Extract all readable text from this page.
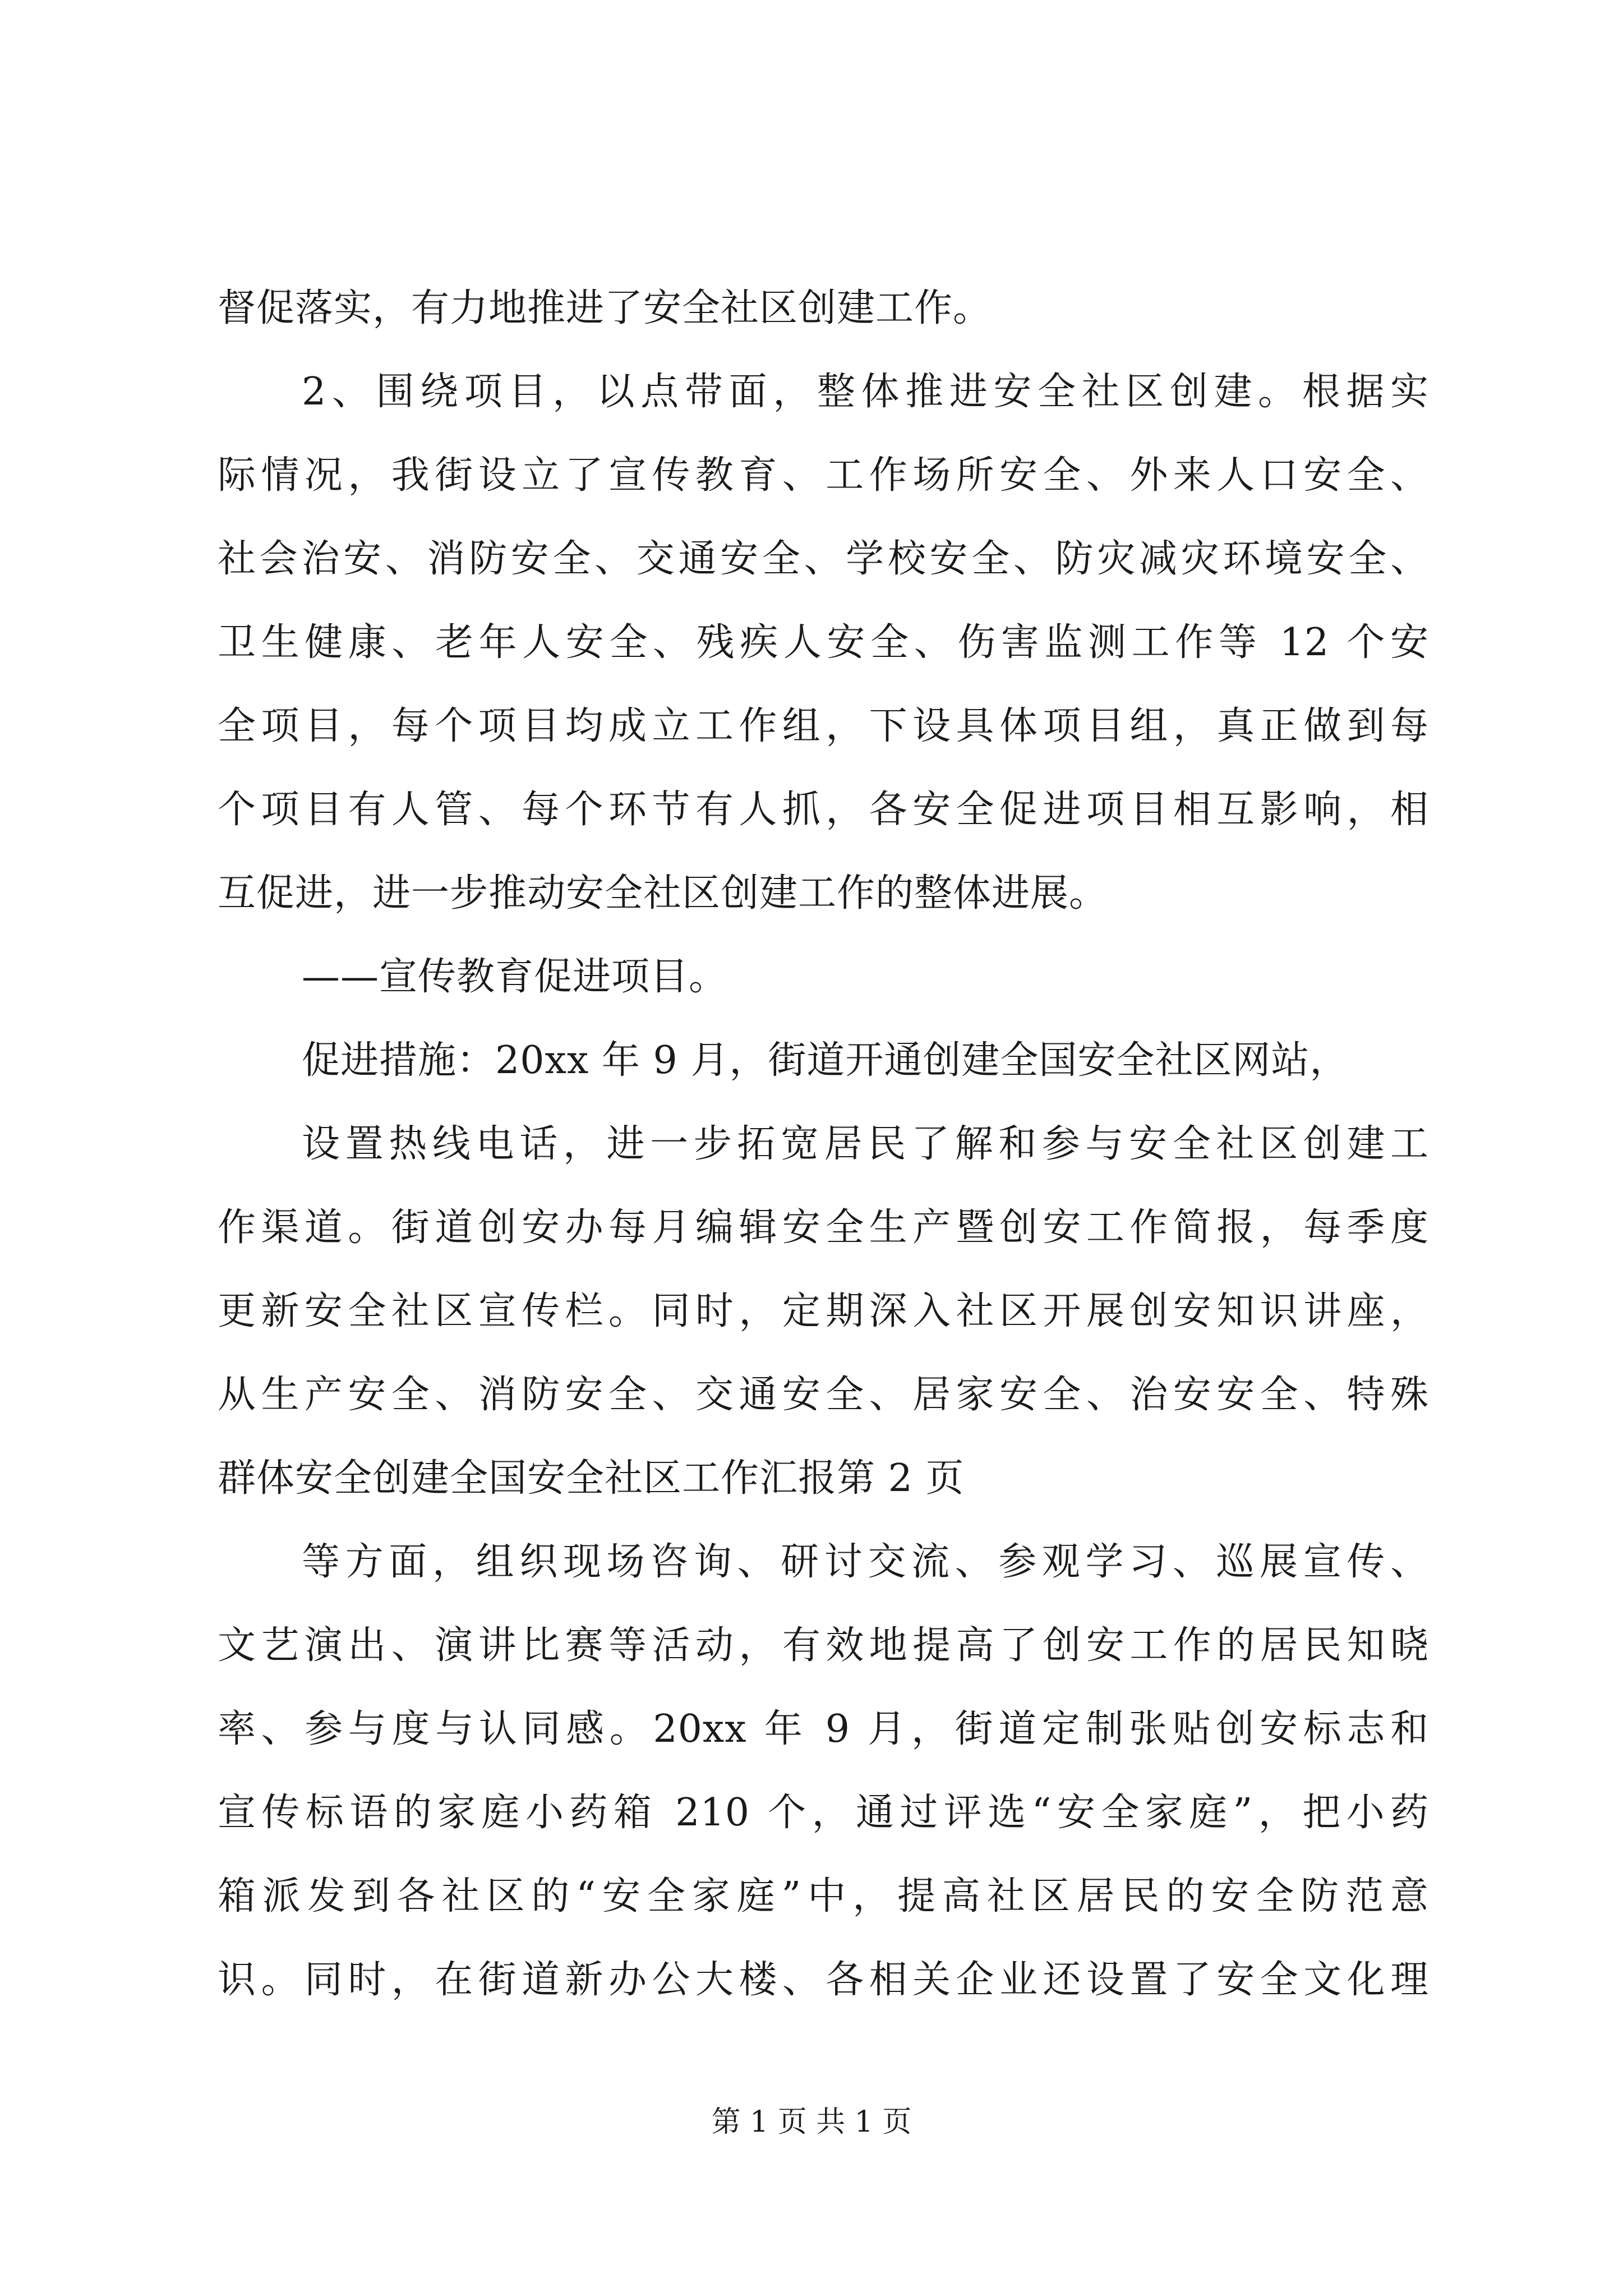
督促落实，有力地推进了安全社区创建工作。
2、围绕项目，以点带面，整体推进安全社区创建。根据实
际情况，我街设立了宣传教育、工作场所安全、外来人口安全、
社会治安、消防安全、交通安全、学校安全、防灾减灾环境安全、
卫生健康、老年人安全、残疾人安全、伤害监测工作等 12 个安
全项目，每个项目均成立工作组，下设具体项目组，真正做到每
个项目有人管、每个环节有人抓，各安全促进项目相互影响，相
互促进，进一步推动安全社区创建工作的整体进展。
——宣传教育促进项目。
促进措施：20xx 年 9 月，街道开通创建全国安全社区网站，
设置热线电话，进一步拓宽居民了解和参与安全社区创建工
作渠道。街道创安办每月编辑安全生产暨创安工作简报，每季度
更新安全社区宣传栏。同时，定期深入社区开展创安知识讲座，
从生产安全、消防安全、交通安全、居家安全、治安安全、特殊
群体安全创建全国安全社区工作汇报第 2 页
等方面，组织现场咨询、研讨交流、参观学习、巡展宣传、
文艺演出、演讲比赛等活动，有效地提高了创安工作的居民知晓
率、参与度与认同感。20xx 年 9 月，街道定制张贴创安标志和
宣传标语的家庭小药箱 210 个，通过评选“安全家庭”，把小药
箱派发到各社区的“安全家庭”中，提高社区居民的安全防范意
识。同时，在街道新办公大楼、各相关企业还设置了安全文化理
第 1 页 共 1 页
